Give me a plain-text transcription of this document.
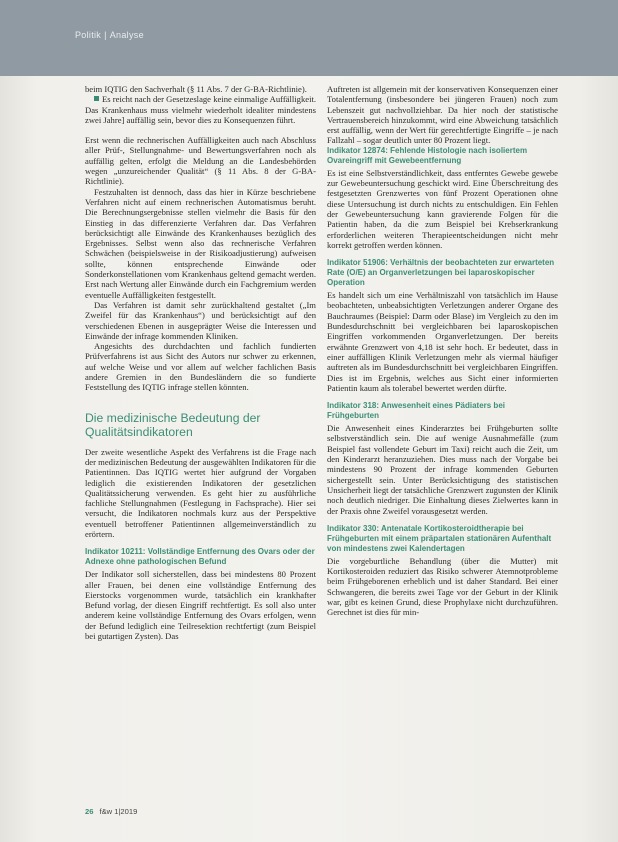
Politik | Analyse

beim IQTIG den Sachverhalt (§ 11 Abs. 7 der G-BA-Richtlinie).

Es reicht nach der Gesetzeslage keine einmalige Auffälligkeit. Das Krankenhaus muss vielmehr wiederholt idealiter mindestens zwei Jahre] auffällig sein, bevor dies zu Konsequenzen führt.

Erst wenn die rechnerischen Auffälligkeiten auch nach Abschluss aller Prüf-, Stellungnahme- und Bewertungsverfahren noch als auffällig gelten, erfolgt die Meldung an die Landesbehörden wegen „unzureichender Qualität“ (§ 11 Abs. 8 der G-BA-Richtlinie).

Festzuhalten ist dennoch, dass das hier in Kürze beschriebene Verfahren nicht auf einem rechnerischen Automatismus beruht. Die Berechnungsergebnisse stellen vielmehr die Basis für den Einstieg in das differenzierte Verfahren dar. Das Verfahren berücksichtigt alle Einwände des Krankenhauses bezüglich des Ergebnisses. Selbst wenn also das rechnerische Verfahren Schwächen (beispielsweise in der Risikoadjustierung) aufweisen sollte, können entsprechende Einwände oder Sonderkonstellationen vom Krankenhaus geltend gemacht werden. Erst nach Wertung aller Einwände durch ein Fachgremium werden eventuelle Auffälligkeiten festgestellt.

Das Verfahren ist damit sehr zurückhaltend gestaltet („Im Zweifel für das Krankenhaus“) und berücksichtigt auf den verschiedenen Ebenen in ausgeprägter Weise die Interessen und Einwände der infrage kommenden Kliniken.

Angesichts des durchdachten und fachlich fundierten Prüfverfahrens ist aus Sicht des Autors nur schwer zu erkennen, auf welche Weise und vor allem auf welcher fachlichen Basis andere Gremien in den Bundesländern die so fundierte Feststellung des IQTIG infrage stellen könnten.

Die medizinische Bedeutung der Qualitätsindikatoren

Der zweite wesentliche Aspekt des Verfahrens ist die Frage nach der medizinischen Bedeutung der ausgewählten Indikatoren für die Patientinnen. Das IQTIG wertet hier aufgrund der Vorgaben lediglich die existierenden Indikatoren der gesetzlichen Qualitätssicherung verwenden. Es geht hier zu ausführliche fachliche Stellungnahmen (Festlegung in Fachsprache). Hier sei versucht, die Indikatoren nochmals kurz aus der Perspektive eventuell betroffener Patientinnen allgemeinverständlich zu erörtern.

Indikator 10211: Vollständige Entfernung des Ovars oder der Adnexe ohne pathologischen Befund

Der Indikator soll sicherstellen, dass bei mindestens 80 Prozent aller Frauen, bei denen eine vollständige Entfernung des Eierstocks vorgenommen wurde, tatsächlich ein krankhafter Befund vorlag, der diesen Eingriff rechtfertigt. Es soll also unter anderem keine vollständige Entfernung des Ovars erfolgen, wenn der Befund lediglich eine Teilresektion rechtfertigt (zum Beispiel bei gutartigen Zysten). Das

Auftreten ist allgemein mit der konservativen Konsequenzen einer Totalentfernung (insbesondere bei jüngeren Frauen) noch zum Lebenszeit gut nachvollziehbar. Da hier noch der statistische Vertrauensbereich hinzukommt, wird eine Abweichung tatsächlich erst auffällig, wenn der Wert für gerechtfertigte Eingriffe – je nach Fallzahl – sogar deutlich unter 80 Prozent liegt.

Indikator 12874: Fehlende Histologie nach isoliertem Ovareingriff mit Gewebeentfernung

Es ist eine Selbstverständlichkeit, dass entferntes Gewebe gewebe zur Gewebeuntersuchung geschickt wird. Eine Überschreitung des festgesetzten Grenzwertes von fünf Prozent Operationen ohne diese Untersuchung ist durch nichts zu entschuldigen. Ein Fehlen der Gewebeuntersuchung kann gravierende Folgen für die Patientin haben, da die zum Beispiel bei Krebserkrankung erforderlichen weiteren Therapieentscheidungen nicht mehr korrekt getroffen werden können.

Indikator 51906: Verhältnis der beobachteten zur erwarteten Rate (O/E) an Organverletzungen bei laparoskopischer Operation

Es handelt sich um eine Verhältniszahl von tatsächlich im Hause beobachteten, unbeabsichtigten Verletzungen anderer Organe des Bauchraumes (Beispiel: Darm oder Blase) im Vergleich zu den im Bundesdurchschnitt bei vergleichbaren bei laparoskopischen Eingriffen vorkommenden Organverletzungen. Der bereits erwähnte Grenzwert von 4,18 ist sehr hoch. Er bedeutet, dass in einer auffälligen Klinik Verletzungen mehr als viermal häufiger auftreten als im Bundesdurchschnitt bei vergleichbaren Eingriffen. Dies ist im Ergebnis, welches aus Sicht einer informierten Patientin kaum als tolerabel bewertet werden dürfte.

Indikator 318: Anwesenheit eines Pädiaters bei Frühgeburten

Die Anwesenheit eines Kinderarztes bei Frühgeburten sollte selbstverständlich sein. Die auf wenige Ausnahmefälle (zum Beispiel fast vollendete Geburt im Taxi) reicht auch die Zeit, um den Kinderarzt heranzuziehen. Dies muss nach der Vorgabe bei mindestens 90 Prozent der infrage kommenden Geburten sichergestellt sein. Unter Berücksichtigung des statistischen Unsicherheit liegt der tatsächliche Grenzwert zugunsten der Klinik noch deutlich niedriger. Die Einhaltung dieses Zielwertes kann in der Praxis ohne Zweifel vorausgesetzt werden.

Indikator 330: Antenatale Kortikosteroidtherapie bei Frühgeburten mit einem präpartalen stationären Aufenthalt von mindestens zwei Kalendertagen

Die vorgeburtliche Behandlung (über die Mutter) mit Kortikosteroiden reduziert das Risiko schwerer Atemnotprobleme beim Frühgeborenen erheblich und ist daher Standard. Bei einer Schwangeren, die bereits zwei Tage vor der Geburt in der Klinik war, gibt es keinen Grund, diese Prophylaxe nicht durchzuführen. Gerechnet ist dies für min-

26 f&w 1|2019
